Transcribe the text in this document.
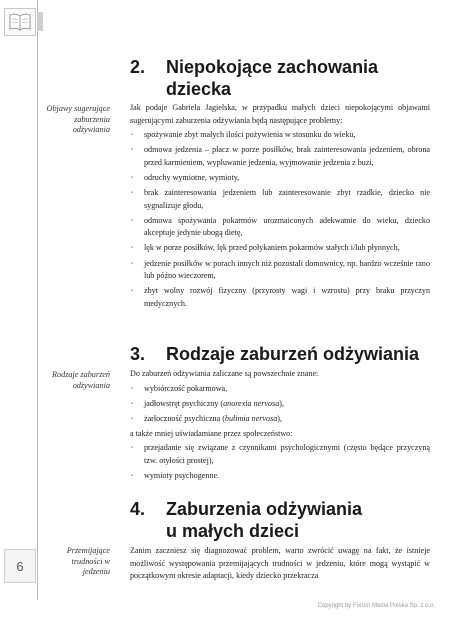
6
2. Niepokojące zachowania
dziecka
Objawy sugerujące zaburzenia odżywiania

Jak podaje Gabriela Jagielska, w przypadku małych dzieci niepokojącymi objawami sugerującymi zaburzenia odżywiania będą następujące problemy:

▪ spożywanie zbyt małych ilości pożywienia w stosunku do wieku,
▪ odmowa jedzenia – płacz w porze posiłków, brak zainteresowania jedzeniem, obrona przed karmieniem, wypluwanie jedzenia, wyjmowanie jedzenia z buzi,
▪ odruchy wymiotne, wymioty,
▪ brak zainteresowania jedzeniem lub zainteresowanie zbyt rzadkie, dziecko nie sygnalizuje głodu,
▪ odmowa spożywania pokarmów urozmaiconych adekwatnie do wieku, dziecko akceptuje jedynie ubogą dietę,
▪ lęk w porze posiłków, lęk przed połykaniem pokarmów stałych i/lub płynnych,
▪ jedzenie posiłków w porach innych niż pozostali domownicy, np. bardzo wcześnie rano lub późno wieczorem,
▪ zbyt wolny rozwój fizyczny (przyrosty wagi i wzrostu) przy braku przyczyn medycznych.
3. Rodzaje zaburzeń odżywiania
Rodzaje zaburzeń odżywiania

Do zaburzeń odżywiania zaliczane są powszechnie znane:

▪ wybiórczość pokarmowa,
▪ jadłowstręt psychiczny (anorexia nervosa),
▪ żarłoczność psychiczna (bulimia nervosa),

a także mniej uświadamiane przez społeczeństwo:

▪ przejadanie się związane z czynnikami psychologicznymi (często będące przyczyną tzw. otyłości prostej),
▪ wymioty psychogenne.
4. Zaburzenia odżywiania
u małych dzieci
Przemijające trudności w jedzeniu

Zanim zaczniesz się diagnozować problem, warto zwrócić uwagę na fakt, że istnieje możliwość występowania przemijających trudności w jedzeniu, które mogą wystąpić w początkowym okresie adaptacji, kiedy dziecko przekracza

Copyright by Forum Media Polska Sp. z o.o.
